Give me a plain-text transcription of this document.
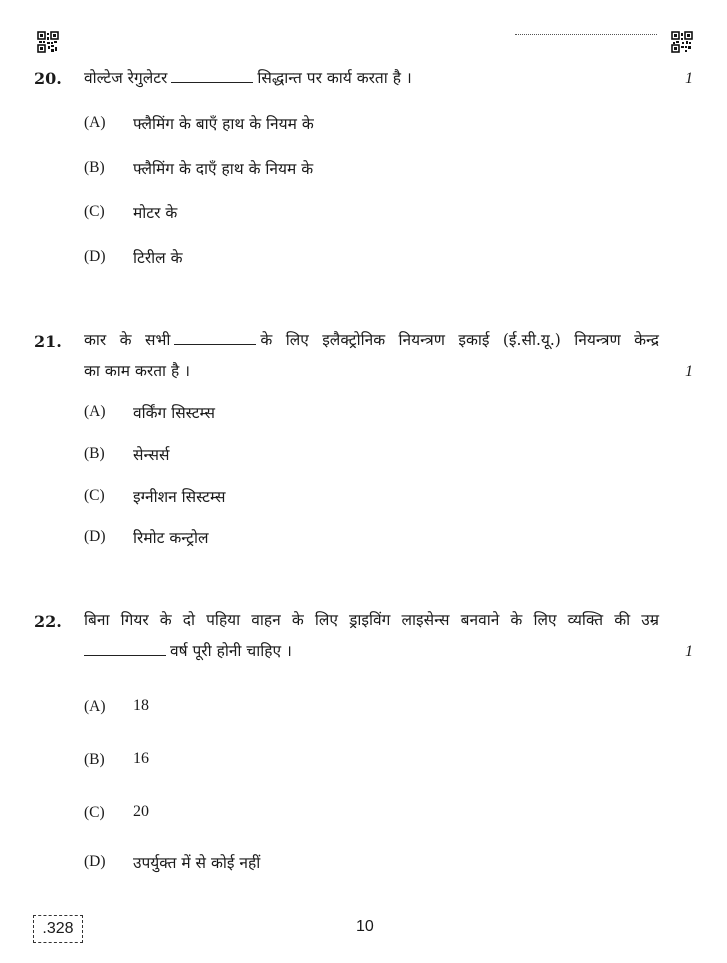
20. वोल्टेज रेगुलेटर	सिद्धान्त पर कार्य करता है ।	1
(A) फ्लैमिंग के बाएँ हाथ के नियम के
(B) फ्लैमिंग के दाएँ हाथ के नियम के
(C) मोटर के
(D) टिरील के
21. कार के सभी	के लिए इलैक्ट्रोनिक नियन्त्रण इकाई (ई.सी.यू.) नियन्त्रण केन्द्र
का काम करता है ।	1
(A) वर्किंग सिस्टम्स
(B) सेन्सर्स
(C) इग्नीशन सिस्टम्स
(D) रिमोट कन्ट्रोल
22. बिना गियर के दो पहिया वाहन के लिए ड्राइविंग लाइसेन्स बनवाने के लिए व्यक्ति की उम्र
वर्ष पूरी होनी चाहिए ।	1
(A) 18
(B) 16
(C) 20
(D) उपर्युक्त में से कोई नहीं
.328	10
